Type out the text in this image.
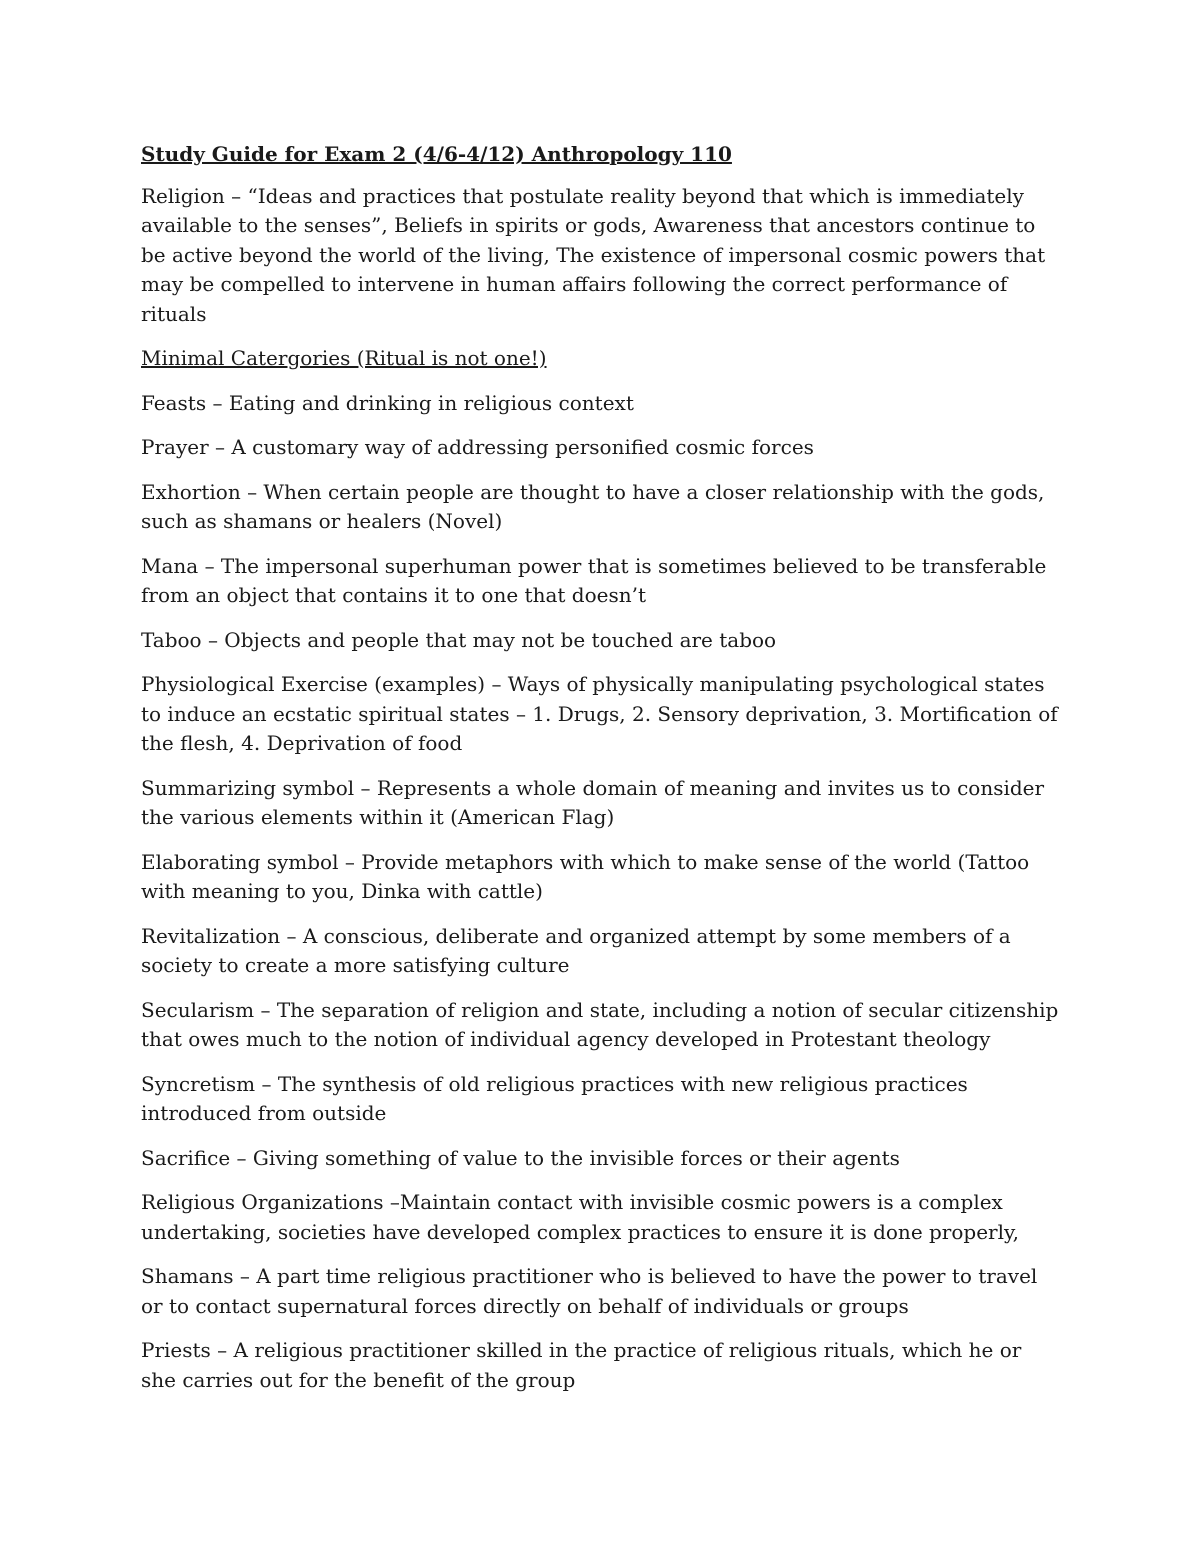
Study Guide for Exam 2 (4/6-4/12) Anthropology 110

Religion – “Ideas and practices that postulate reality beyond that which is immediately available to the senses”, Beliefs in spirits or gods, Awareness that ancestors continue to be active beyond the world of the living, The existence of impersonal cosmic powers that may be compelled to intervene in human affairs following the correct performance of rituals

Minimal Catergories (Ritual is not one!)

Feasts – Eating and drinking in religious context

Prayer – A customary way of addressing personified cosmic forces

Exhortion – When certain people are thought to have a closer relationship with the gods, such as shamans or healers (Novel)

Mana – The impersonal superhuman power that is sometimes believed to be transferable from an object that contains it to one that doesn’t

Taboo – Objects and people that may not be touched are taboo

Physiological Exercise (examples) – Ways of physically manipulating psychological states to induce an ecstatic spiritual states – 1. Drugs, 2. Sensory deprivation, 3. Mortification of the flesh, 4. Deprivation of food

Summarizing symbol – Represents a whole domain of meaning and invites us to consider the various elements within it (American Flag)

Elaborating symbol – Provide metaphors with which to make sense of the world (Tattoo with meaning to you, Dinka with cattle)

Revitalization – A conscious, deliberate and organized attempt by some members of a society to create a more satisfying culture

Secularism – The separation of religion and state, including a notion of secular citizenship that owes much to the notion of individual agency developed in Protestant theology

Syncretism – The synthesis of old religious practices with new religious practices introduced from outside

Sacrifice – Giving something of value to the invisible forces or their agents

Religious Organizations –Maintain contact with invisible cosmic powers is a complex undertaking, societies have developed complex practices to ensure it is done properly,

Shamans – A part time religious practitioner who is believed to have the power to travel or to contact supernatural forces directly on behalf of individuals or groups

Priests – A religious practitioner skilled in the practice of religious rituals, which he or she carries out for the benefit of the group
